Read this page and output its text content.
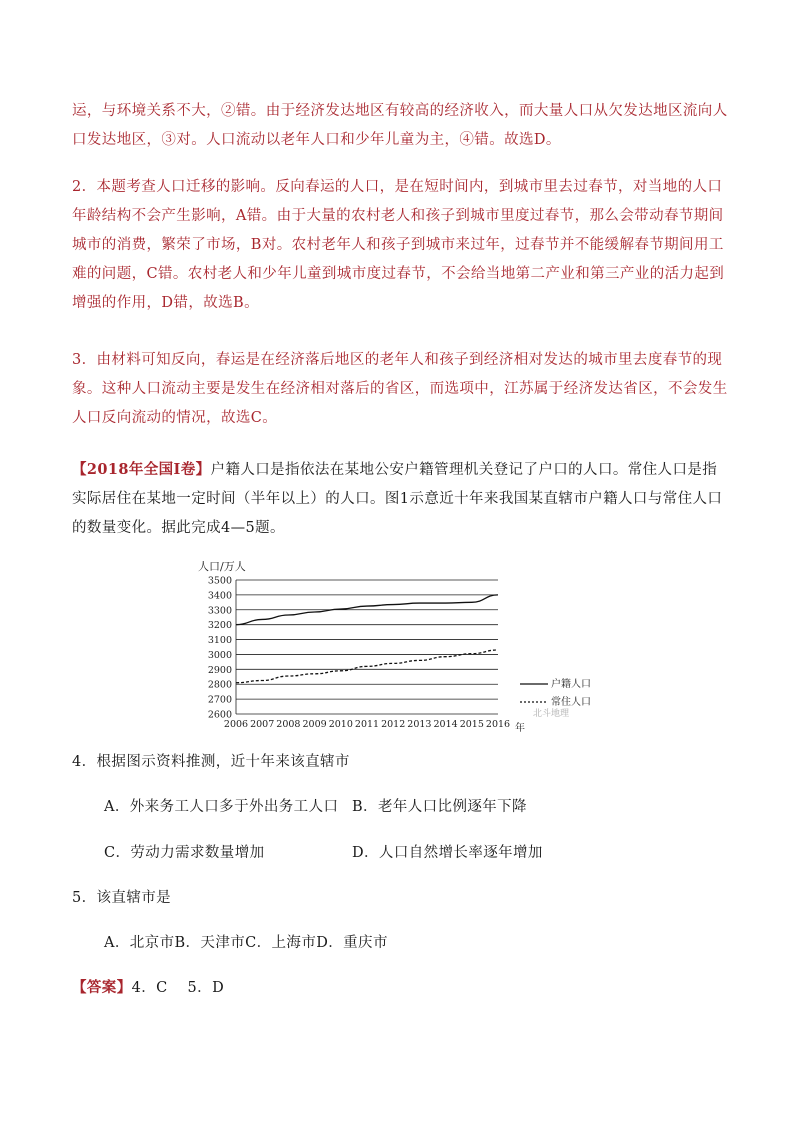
运，与环境关系不大，②错。由于经济发达地区有较高的经济收入，而大量人口从欠发达地区流向人口发达地区，③对。人口流动以老年人口和少年儿童为主，④错。故选D。

2．本题考查人口迁移的影响。反向春运的人口，是在短时间内，到城市里去过春节，对当地的人口年龄结构不会产生影响，A错。由于大量的农村老人和孩子到城市里度过春节，那么会带动春节期间城市的消费，繁荣了市场，B对。农村老年人和孩子到城市来过年，过春节并不能缓解春节期间用工难的问题，C错。农村老人和少年儿童到城市度过春节，不会给当地第二产业和第三产业的活力起到增强的作用，D错，故选B。

3．由材料可知反向，春运是在经济落后地区的老年人和孩子到经济相对发达的城市里去度春节的现象。这种人口流动主要是发生在经济相对落后的省区，而选项中，江苏属于经济发达省区，不会发生人口反向流动的情况，故选C。

【2018年全国I卷】户籍人口是指依法在某地公安户籍管理机关登记了户口的人口。常住人口是指实际居住在某地一定时间（半年以上）的人口。图1示意近十年来我国某直辖市户籍人口与常住人口的数量变化。据此完成4—5题。

2600
2700
2800
2900
3000
3100
3200
3300
3400
3500
2006 2007 2008 2009 2010 2011 2012 2013 2014 2015 2016
人口/万人
年
户籍人口
常住人口
北斗地理
4．根据图示资料推测，近十年来该直辖市
A．外来务工人口多于外出务工人口 B．老年人口比例逐年下降
C．劳动力需求数量增加	D．人口自然增长率逐年增加
5．该直辖市是
A．北京市B．天津市C．上海市D．重庆市
【答案】4．C　 5．D
